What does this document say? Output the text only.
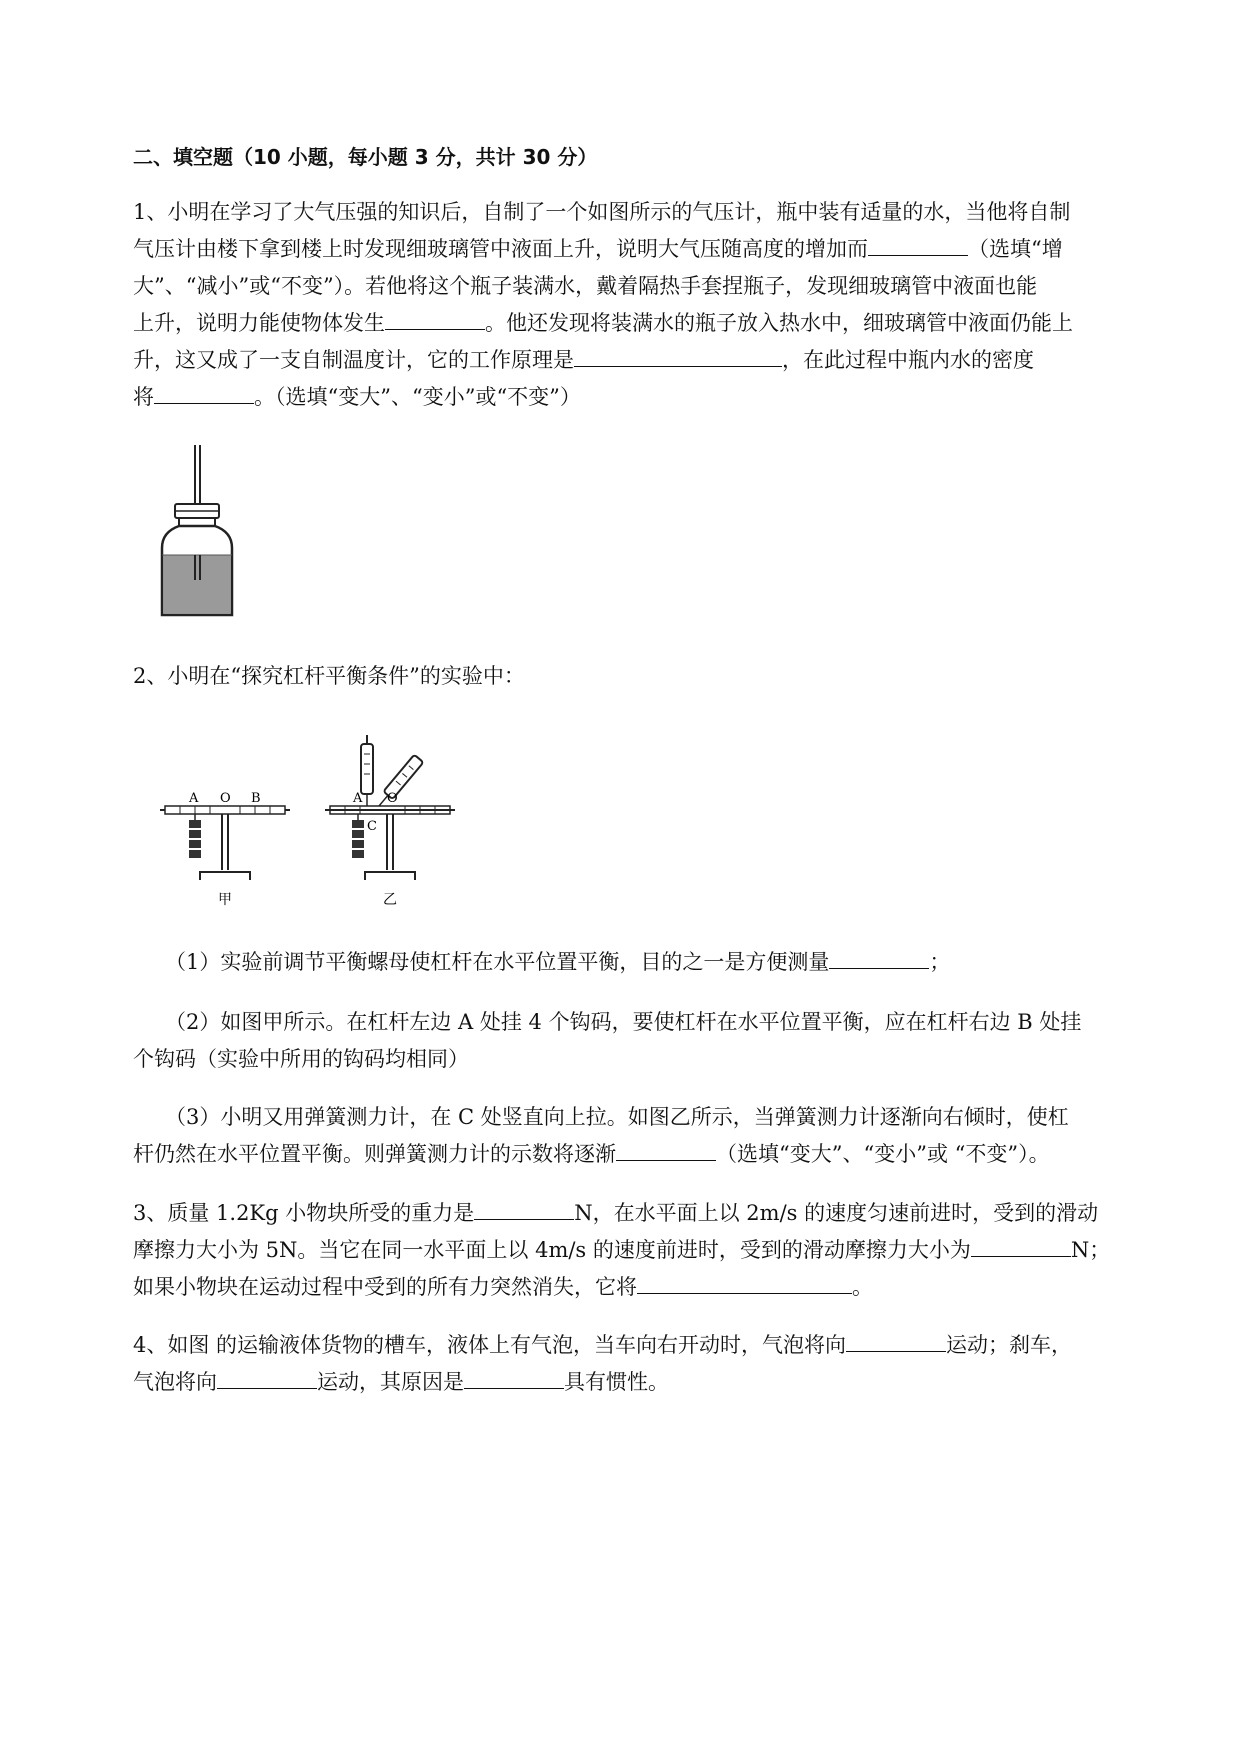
二、填空题（10 小题，每小题 3 分，共计 30 分）
1、小明在学习了大气压强的知识后，自制了一个如图所示的气压计，瓶中装有适量的水，当他将自制
气压计由楼下拿到楼上时发现细玻璃管中液面上升，说明大气压随高度的增加而	（选填“增
大”、“减小”或“不变”）。若他将这个瓶子装满水，戴着隔热手套捏瓶子，发现细玻璃管中液面也能
上升，说明力能使物体发生	。他还发现将装满水的瓶子放入热水中，细玻璃管中液面仍能上
升，这又成了一支自制温度计，它的工作原理是	，在此过程中瓶内水的密度
将	。（选填“变大”、“变小”或“不变”）
2、小明在“探究杠杆平衡条件”的实验中：
A O B
甲
A O
C
乙
（1）实验前调节平衡螺母使杠杆在水平位置平衡，目的之一是方便测量	；
（2）如图甲所示。在杠杆左边 A 处挂 4 个钩码，要使杠杆在水平位置平衡，应在杠杆右边 B 处挂
个钩码（实验中所用的钩码均相同）
（3）小明又用弹簧测力计，在 C 处竖直向上拉。如图乙所示，当弹簧测力计逐渐向右倾时，使杠
杆仍然在水平位置平衡。则弹簧测力计的示数将逐渐	（选填“变大”、“变小”或 “不变”）。
3、质量 1.2Kg 小物块所受的重力是	N，在水平面上以 2m/s 的速度匀速前进时，受到的滑动
摩擦力大小为 5N。当它在同一水平面上以 4m/s 的速度前进时，受到的滑动摩擦力大小为	N；
如果小物块在运动过程中受到的所有力突然消失，它将	。
4、如图 的运输液体货物的槽车，液体上有气泡，当车向右开动时，气泡将向	运动；刹车，
气泡将向	运动，其原因是	具有惯性。
